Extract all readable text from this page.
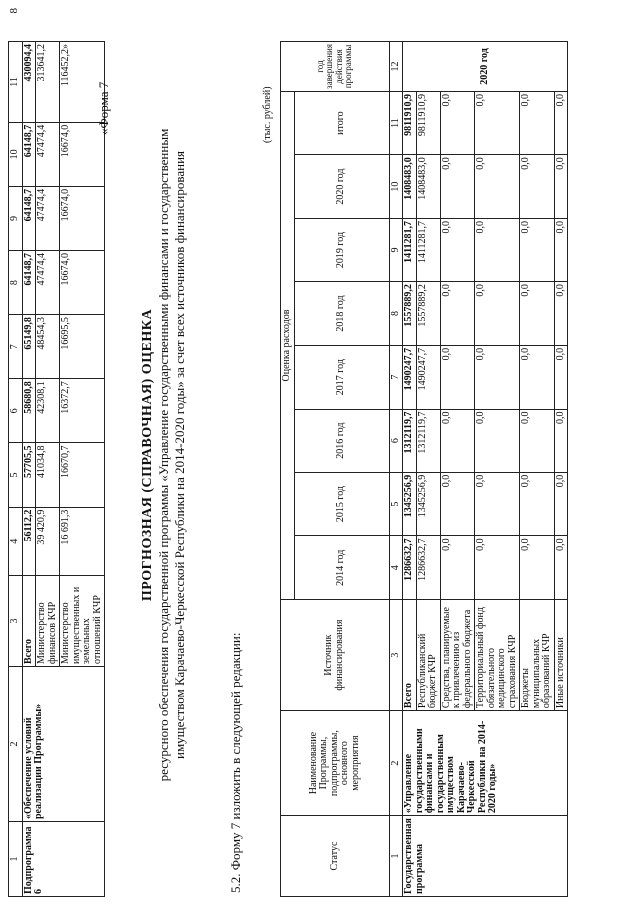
8
1	2	3	4	5	6	7	8	9	10	11
Подпрограмма 6	«Обеспечение условий реализации Программы»	Всего	56112,2	57705,5	58680,8	65149,8	64148,7	64148,7	64148,7	430094,4
		Министерство финансов КЧР	39 420,9	41034,8	42308,1	48454,3	47474,4	47474,4	47474,4	313641,2
		Министерство имущественных и земельных отношений КЧР	16 691,3	16670,7	16372,7	16695,5	16674,0	16674,0	16674,0	116452,2»
5.2. Форму 7 изложить в следующей редакции:
«Форма 7
ПРОГНОЗНАЯ (СПРАВОЧНАЯ) ОЦЕНКА ресурсного обеспечения государственной программы «Управление государственными финансами и государственным имуществом Карачаево-Черкесской Республики на 2014-2020 годы» за счет всех источников финансирования
(тыс. рублей)
Статус	Наименование Программы, подпрограммы, основного мероприятия	Источник финансирования	Оценка расходов								год завершения действия программы
			2014 год	2015 год	2016 год	2017 год	2018 год	2019 год	2020 год	итого	
1	2	3	4	5	6	7	8	9	10	11	12
Государственная программа	«Управление государственными финансами и государственным имуществом Карачаево-Черкесской Республики на 2014-2020 годы»	Всего	1286632,7	1345256,9	1312119,7	1490247,7	1557889,2	1411281,7	1408483,0	9811910,9	2020 год
		Республиканский бюджет КЧР	1286632,7	1345256,9	1312119,7	1490247,7	1557889,2	1411281,7	1408483,0	9811910,9	
		Средства, планируемые к привлечению из федерального бюджета	0,0	0,0	0,0	0,0	0,0	0,0	0,0	0,0	
		Территориальный фонд обязательного медицинского страхования КЧР	0,0	0,0	0,0	0,0	0,0	0,0	0,0	0,0	
		Бюджеты муниципальных образований КЧР	0,0	0,0	0,0	0,0	0,0	0,0	0,0	0,0	
		Иные источники	0,0	0,0	0,0	0,0	0,0	0,0	0,0	0,0	
